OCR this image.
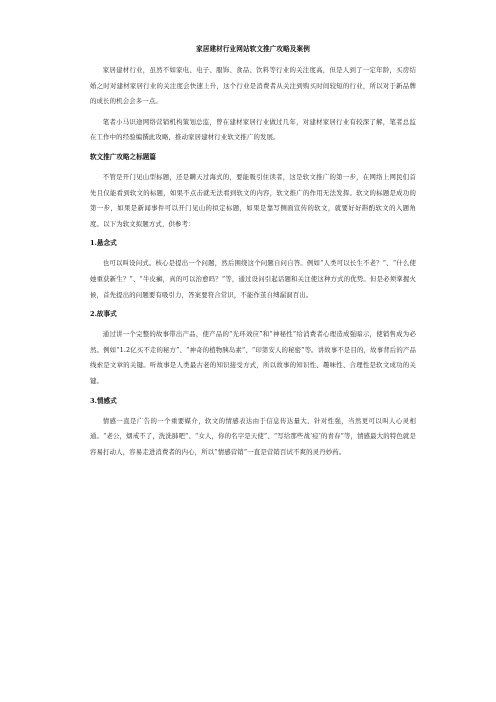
家居建材行业网站软文推广攻略及案例

家居建材行业，虽然不如家电、电子、服饰、食品、饮料等行业的关注度高，但是人到了一定年龄，买房结婚之时对建材家居行业的关注度会快速上升，这个行业是消费者从关注到购买时间较短的行业，所以对于新品牌的成长的机会会多一点。

笔者小马识途网络营销机构策划总监，曾在建材家居行业做过几年，对建材家居行业有较深了解，笔者总监在工作中的经验编撰此攻略，推动家居建材行业软文推广的发展。

软文推广攻略之标题篇

不管是开门见山型标题，还是瞒天过海式的，要能吸引住读者，这是软文推广的第一步，在网络上网民们首先且仅能看到软文的标题，如果不点击就无法看到软文的内容，软文推广的作用无法发挥。软文的标题是成功的第一步，如果是新闻事件可以开门见山的拟定标题，如果是靠写侧面宣传的软文，就要好好斟酌软文的入题角度。以下为软文拟题方式，供参考：

1.悬念式

也可以叫设问式。核心是提出一个问题，然后围绕这个问题自问自答。例如“人类可以长生不老？”、“什么使她重获新生？”、“牛皮癣，真的可以治愈吗？”等，通过设问引起话题和关注使这种方式的优势。但是必须掌握火候，首先提出的问题要有吸引力，答案要符合常识，不能作茧自缚漏洞百出。

2.故事式

通过讲一个完整的故事带出产品，使产品的“光环效应”和“神秘性”给消费者心理造成强暗示，使销售成为必然。例如“1.2亿买不走的秘方”、“神奇的植物胰岛素”、“印第安人的秘密”等。讲故事不是目的，故事背后的产品线索是文章的关键。听故事是人类最古老的知识接受方式，所以故事的知识性、趣味性、合理性是软文成功的关键。

3.情感式

情感一直是广告的一个重要媒介，软文的情感表达由于信息传达量大、针对性强，当然更可以叫人心灵相通。“老公，烟戒不了，洗洗肺吧”、“女人，你的名字是天使”、“写给那些战‘痘’的青春”等，情感最大的特色就是容易打动人，容易走进消费者的内心，所以“情感营销”一直是营销百试不爽的灵丹妙药。
